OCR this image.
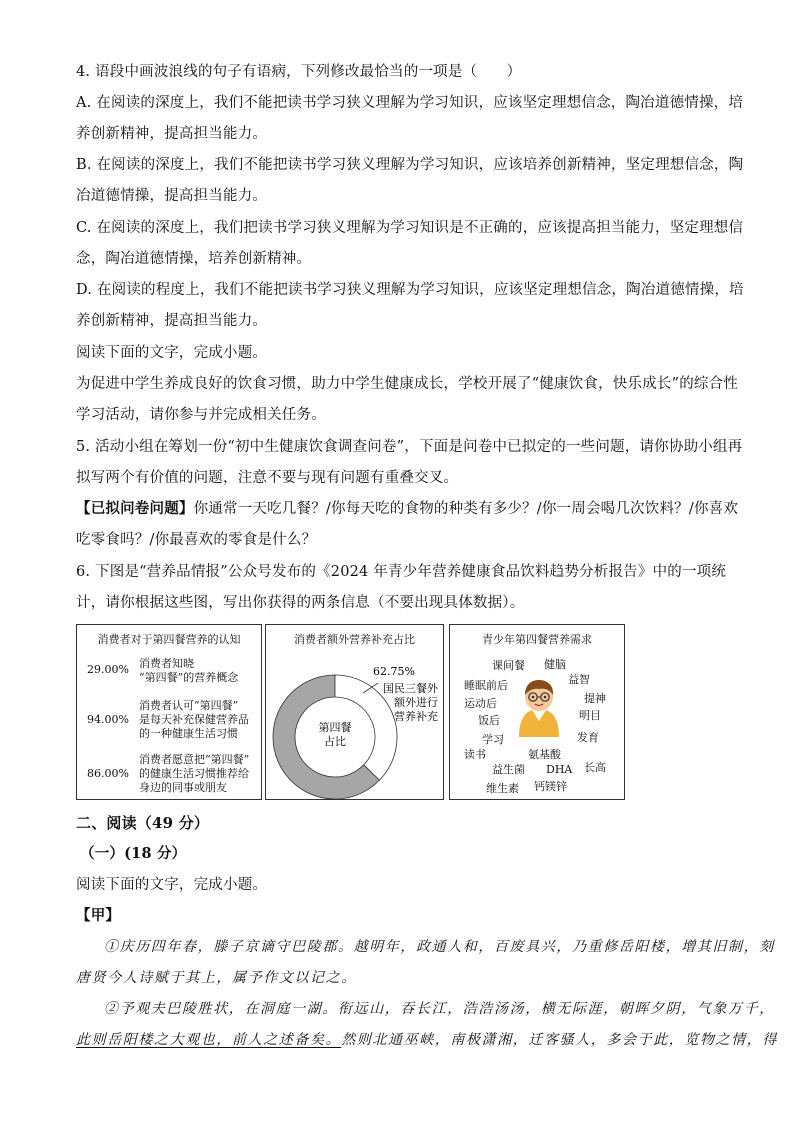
4. 语段中画波浪线的句子有语病，下列修改最恰当的一项是（　　）
A. 在阅读的深度上，我们不能把读书学习狭义理解为学习知识，应该坚定理想信念，陶冶道德情操，培
养创新精神，提高担当能力。
B. 在阅读的深度上，我们不能把读书学习狭义理解为学习知识，应该培养创新精神，坚定理想信念，陶
冶道德情操，提高担当能力。
C. 在阅读的深度上，我们把读书学习狭义理解为学习知识是不正确的，应该提高担当能力，坚定理想信
念，陶冶道德情操，培养创新精神。
D. 在阅读的程度上，我们不能把读书学习狭义理解为学习知识，应该坚定理想信念，陶冶道德情操，培
养创新精神，提高担当能力。
阅读下面的文字，完成小题。
为促进中学生养成良好的饮食习惯，助力中学生健康成长，学校开展了“健康饮食，快乐成长”的综合性
学习活动，请你参与并完成相关任务。
5. 活动小组在筹划一份“初中生健康饮食调查问卷”，下面是问卷中已拟定的一些问题，请你协助小组再
拟写两个有价值的问题，注意不要与现有问题有重叠交叉。
【已拟问卷问题】你通常一天吃几餐？/你每天吃的食物的种类有多少？/你一周会喝几次饮料？/你喜欢
吃零食吗？/你最喜欢的零食是什么？
6. 下图是“营养品情报”公众号发布的《2024 年青少年营养健康食品饮料趋势分析报告》中的一项统
计，请你根据这些图，写出你获得的两条信息（不要出现具体数据）。
消费者对于第四餐营养的认知
29.00% 消费者知晓
“第四餐”的营养概念
94.00%
消费者认可“第四餐”
是每天补充保健营养品
的一种健康生活习惯
86.00%
消费者愿意把“第四餐”
的健康生活习惯推荐给
身边的同事或朋友
消费者额外营养补充占比
第四餐
占比
62.75%
国民三餐外
额外进行
营养补充
青少年第四餐营养需求
课间餐 健脑
益智
睡眠前后
提神
运动后
明目
饭后
学习	发育
读书	氨基酸
益生菌 DHA 长高
维生素 钙镁锌
二、阅读（49 分）
（一）(18 分）
阅读下面的文字，完成小题。
【甲】
①庆历四年春，滕子京谪守巴陵郡。越明年，政通人和，百废具兴，乃重修岳阳楼，增其旧制，刻
唐贤今人诗赋于其上，属予作文以记之。
②予观夫巴陵胜状，在洞庭一湖。衔远山，吞长江，浩浩汤汤，横无际涯，朝晖夕阴，气象万千，
此则岳阳楼之大观也，前人之述备矣。然则北通巫峡，南极潇湘，迁客骚人，多会于此，览物之情，得
